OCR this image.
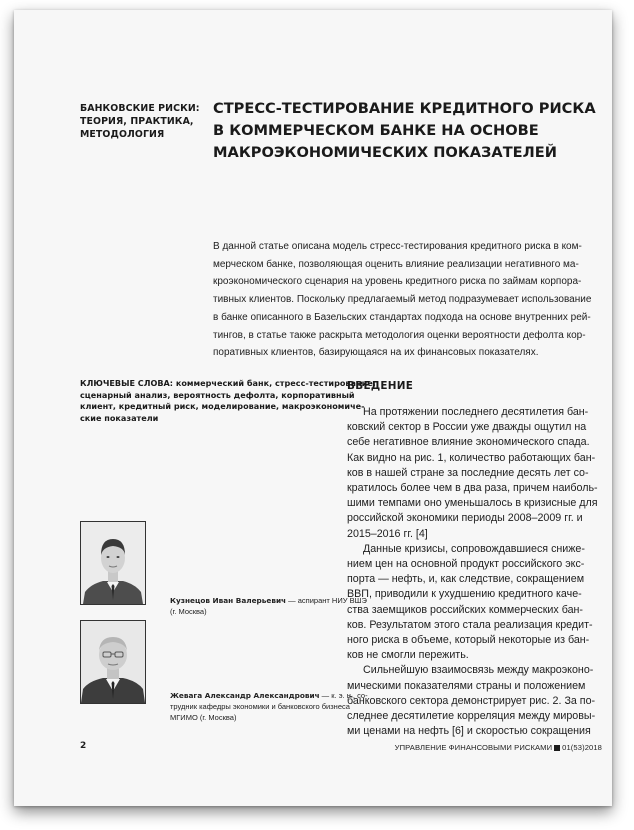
БАНКОВСКИЕ РИСКИ:
ТЕОРИЯ, ПРАКТИКА,
МЕТОДОЛОГИЯ
СТРЕСС-ТЕСТИРОВАНИЕ КРЕДИТНОГО РИСКА
В КОММЕРЧЕСКОМ БАНКЕ НА ОСНОВЕ
МАКРОЭКОНОМИЧЕСКИХ ПОКАЗАТЕЛЕЙ
В данной статье описана модель стресс-тестирования кредитного риска в ком-
мерческом банке, позволяющая оценить влияние реализации негативного ма-
кроэкономического сценария на уровень кредитного риска по займам корпора-
тивных клиентов. Поскольку предлагаемый метод подразумевает использование
в банке описанного в Базельских стандартах подхода на основе внутренних рей-
тингов, в статье также раскрыта методология оценки вероятности дефолта кор-
поративных клиентов, базирующаяся на их финансовых показателях.
КЛЮЧЕВЫЕ СЛОВА: коммерческий банк, стресс-тестирование,
сценарный анализ, вероятность дефолта, корпоративный
клиент, кредитный риск, моделирование, макроэкономиче-
ские показатели
ВВЕДЕНИЕ
На протяжении последнего десятилетия бан-
ковский сектор в России уже дважды ощутил на
себе негативное влияние экономического спада.
Как видно на рис. 1, количество работающих бан-
ков в нашей стране за последние десять лет со-
кратилось более чем в два раза, причем наиболь-
шими темпами оно уменьшалось в кризисные для
российской экономики периоды 2008–2009 гг. и
2015–2016 гг. [4]
Данные кризисы, сопровождавшиеся сниже-
нием цен на основной продукт российского экс-
порта — нефть, и, как следствие, сокращением
ВВП, приводили к ухудшению кредитного каче-
ства заемщиков российских коммерческих бан-
ков. Результатом этого стала реализация кредит-
ного риска в объеме, который некоторые из бан-
ков не смогли пережить.
Сильнейшую взаимосвязь между макроэконо-
мическими показателями страны и положением
банковского сектора демонстрирует рис. 2. За по-
следнее десятилетие корреляция между мировы-
ми ценами на нефть [6] и скоростью сокращения
Кузнецов Иван Валерьевич — аспирант НИУ ВШЭ
(г. Москва)
Жевага Александр Александрович — к. э. н., со-
трудник кафедры экономики и банковского бизнеса
МГИМО (г. Москва)
2	УПРАВЛЕНИЕ ФИНАНСОВЫМИ РИСКАМИ 01(53)2018
